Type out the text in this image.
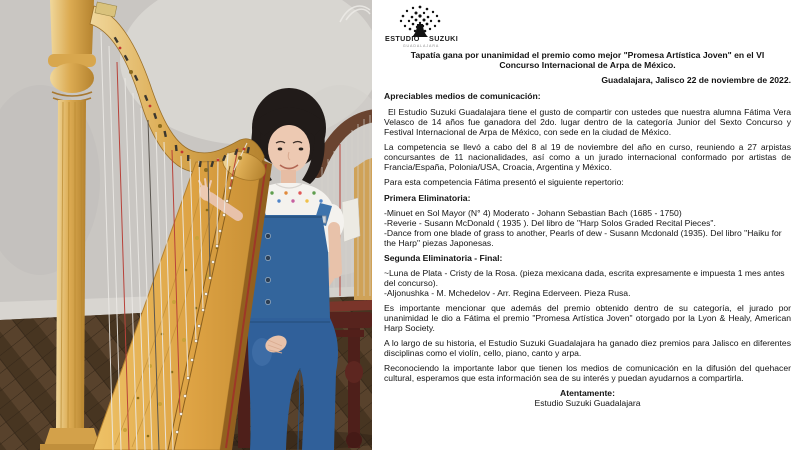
ESTUDIO SUZUKI
GUADALAJARA
Tapatía gana por unanimidad el premio como mejor "Promesa Artística Joven" en el VI Concurso Internacional de Arpa de México.
Guadalajara, Jalisco 22 de noviembre de 2022.
Apreciables medios de comunicación:

El Estudio Suzuki Guadalajara tiene el gusto de compartir con ustedes que nuestra alumna Fátima Vera Velasco de 14 años fue ganadora del 2do. lugar dentro de la categoría Junior del Sexto Concurso y Festival Internacional de Arpa de México, con sede en la ciudad de México.

La competencia se llevó a cabo del 8 al 19 de noviembre del año en curso, reuniendo a 27 arpistas concursantes de 11 nacionalidades, así como a un jurado internacional conformado por artistas de Francia/España, Polonia/USA, Croacia, Argentina y México.

Para esta competencia Fátima presentó el siguiente repertorio:

Primera Eliminatoria:
-Minuet en Sol Mayor (N° 4) Moderato - Johann Sebastian Bach (1685 - 1750)
-Reverie - Susann McDonald ( 1935 ). Del libro de "Harp Solos Graded Recital Pieces".
-Dance from one blade of grass to another, Pearls of dew - Susann Mcdonald (1935). Del libro "Haiku for the Harp" piezas Japonesas.
Segunda Eliminatoria - Final:
~Luna de Plata - Cristy de la Rosa. (pieza mexicana dada, escrita expresamente e impuesta 1 mes antes del concurso).
-Aljonushka - M. Mchedelov - Arr. Regina Ederveen. Pieza Rusa.

Es importante mencionar que además del premio obtenido dentro de su categoría, el jurado por unanimidad le dio a Fátima el premio "Promesa Artística Joven" otorgado por la Lyon & Healy, American Harp Society.

A lo largo de su historia, el Estudio Suzuki Guadalajara ha ganado diez premios para Jalisco en diferentes disciplinas como el violín, cello, piano, canto y arpa.

Reconociendo la importante labor que tienen los medios de comunicación en la difusión del quehacer cultural, esperamos que esta información sea de su interés y puedan ayudarnos a compartirla.

Atentamente:
Estudio Suzuki Guadalajara
